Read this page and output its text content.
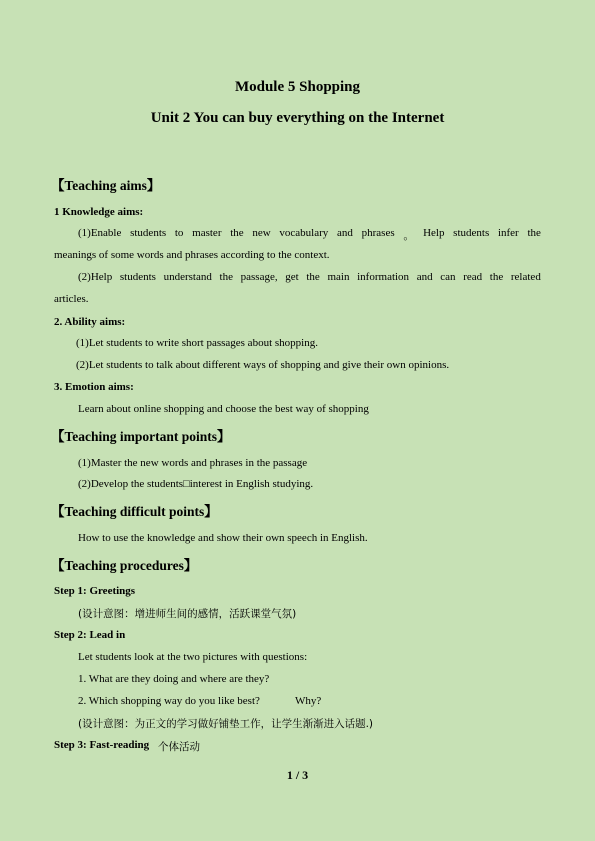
Module 5 Shopping
Unit 2 You can buy everything on the Internet
【Teaching aims】
1 Knowledge aims:
(1)Enable students to master the new vocabulary and phrases 。 Help students infer the
meanings of some words and phrases according to the context.
(2)Help students understand the passage, get the main information and can read the related
articles.
2. Ability aims:
(1)Let students to write short passages about shopping.
(2)Let students to talk about different ways of shopping and give their own opinions.
3. Emotion aims:
Learn about online shopping and choose the best way of shopping
【Teaching important points】
(1)Master the new words and phrases in the passage
(2)Develop the students□interest in English studying.
【Teaching difficult points】
How to use the knowledge and show their own speech in English.
【Teaching procedures】
Step 1: Greetings
(设计意图：增进师生间的感情，活跃课堂气氛)
Step 2: Lead in
Let students look at the two pictures with questions:
1. What are they doing and where are they?
2. Which shopping way do you like best?	Why?
(设计意图：为正文的学习做好铺垫工作，让学生渐渐进入话题.)
Step 3: Fast-reading 个体活动
1 / 3
